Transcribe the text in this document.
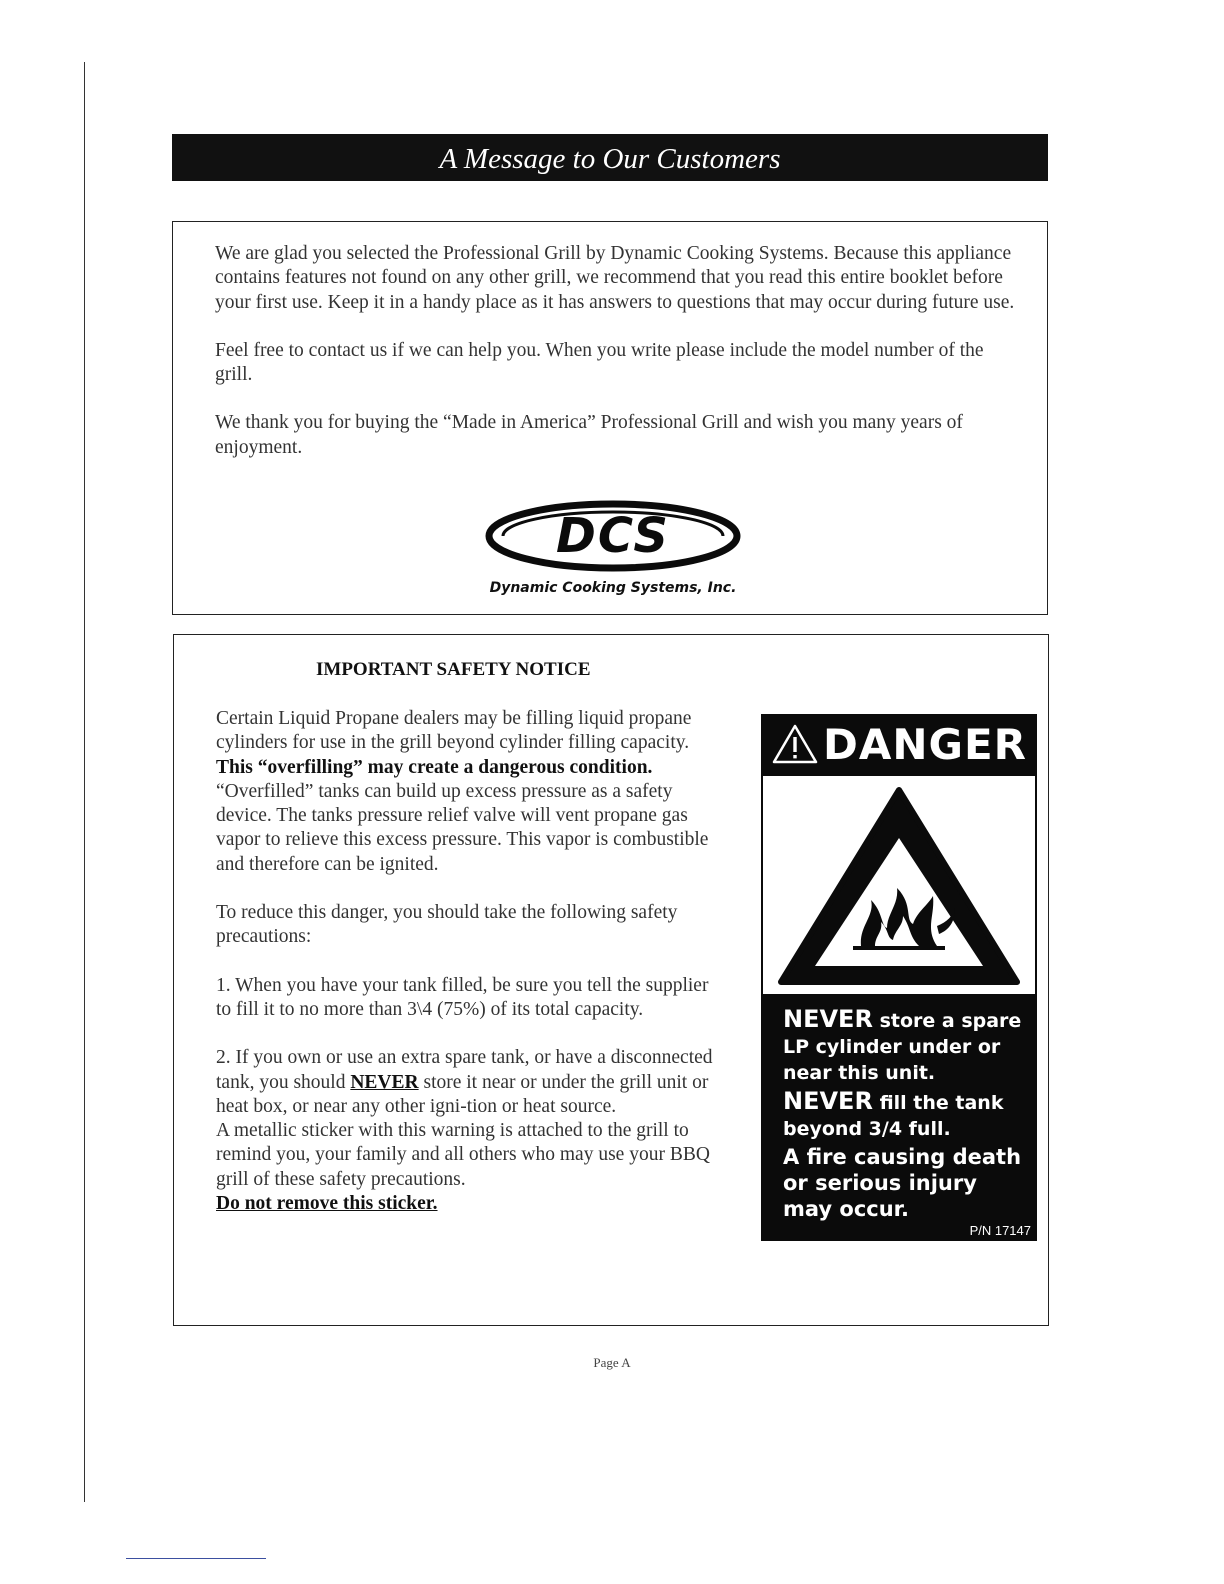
A Message to Our Customers

We are glad you selected the Professional Grill by Dynamic Cooking Systems. Because this appliance contains features not found on any other grill, we recommend that you read this entire booklet before your first use. Keep it in a handy place as it has answers to questions that may occur during future use.

Feel free to contact us if we can help you. When you write please include the model number of the grill.

We thank you for buying the “Made in America” Professional Grill and wish you many years of enjoyment.

DCS
Dynamic Cooking Systems, Inc.
IMPORTANT SAFETY NOTICE

Certain Liquid Propane dealers may be filling liquid propane cylinders for use in the grill beyond cylinder filling capacity. This “overfilling” may create a dangerous condition. “Overfilled” tanks can build up excess pressure as a safety device. The tanks pressure relief valve will vent propane gas vapor to relieve this excess pressure. This vapor is combustible and therefore can be ignited.

To reduce this danger, you should take the following safety precautions:

1. When you have your tank filled, be sure you tell the supplier to fill it to no more than 3\4 (75%) of its total capacity.

2. If you own or use an extra spare tank, or have a disconnected tank, you should NEVER store it near or under the grill unit or heat box, or near any other igni-tion or heat source.

A metallic sticker with this warning is attached to the grill to remind you, your family and all others who may use your BBQ grill of these safety precautions.

Do not remove this sticker.

DANGER
NEVER store a spare LP cylinder under or near this unit.
NEVER fill the tank beyond 3/4 full.
A fire causing death or serious injury may occur.
P/N 17147
Page A
